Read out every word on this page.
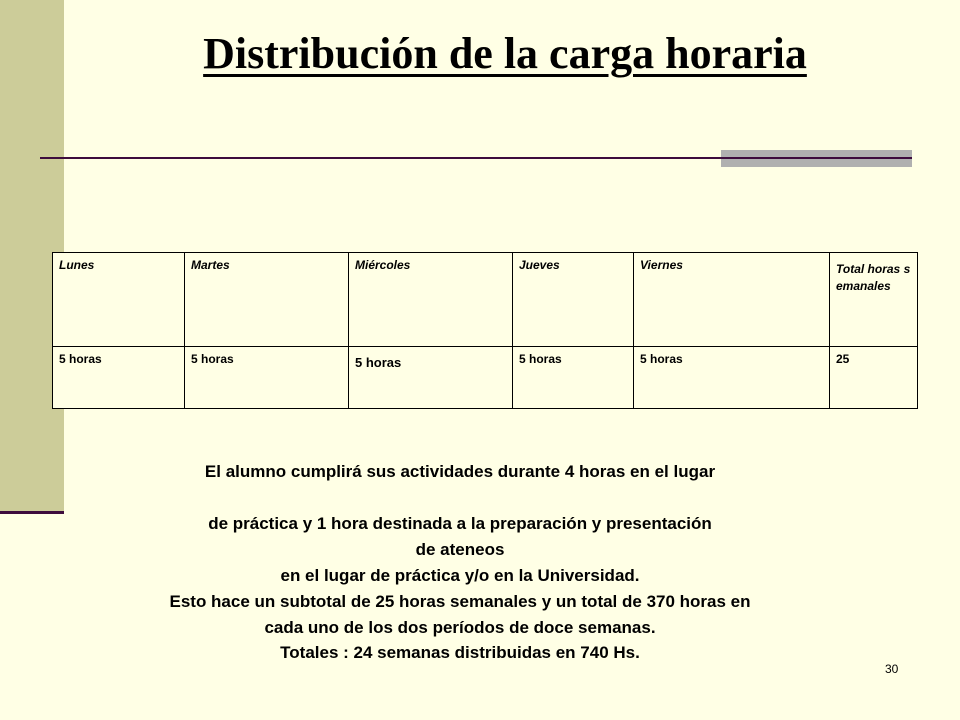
Distribución de la carga horaria
Lunes	Martes	Miércoles	Jueves	Viernes	Total horas semanales
5 horas	5 horas	5 horas	5 horas	5 horas	25

El alumno cumplirá sus actividades durante 4 horas en el lugar

de práctica y 1 hora destinada a la preparación y presentación

de ateneos

en el lugar de práctica y/o en la Universidad.

Esto hace un subtotal de 25 horas semanales y un total de 370 horas en

cada uno de los dos períodos de doce semanas.

Totales : 24 semanas distribuidas en 740 Hs.

30
